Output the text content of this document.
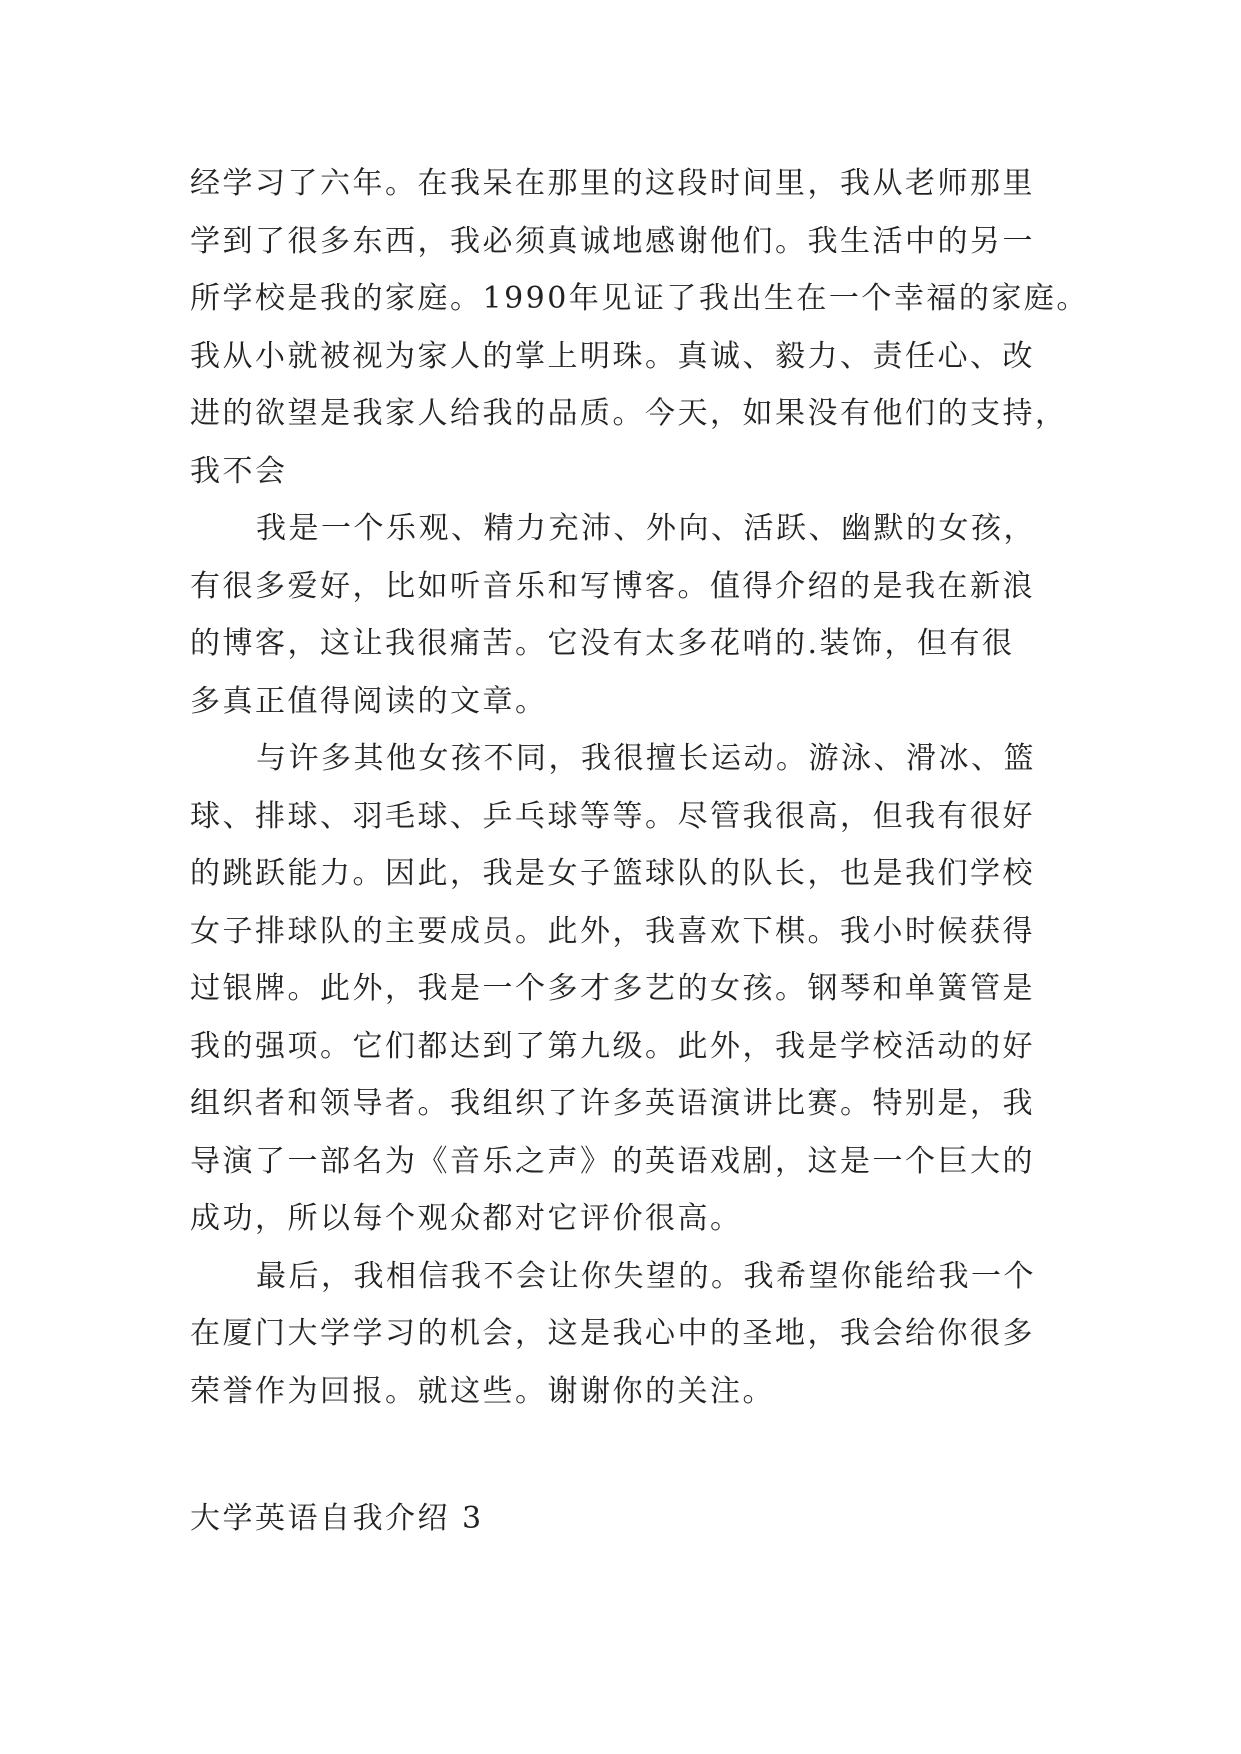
经学习了六年。在我呆在那里的这段时间里，我从老师那里
学到了很多东西，我必须真诚地感谢他们。我生活中的另一
所学校是我的家庭。1990年见证了我出生在一个幸福的家庭。
我从小就被视为家人的掌上明珠。真诚、毅力、责任心、改
进的欲望是我家人给我的品质。今天，如果没有他们的支持，
我不会

我是一个乐观、精力充沛、外向、活跃、幽默的女孩，
有很多爱好，比如听音乐和写博客。值得介绍的是我在新浪
的博客，这让我很痛苦。它没有太多花哨的.装饰，但有很
多真正值得阅读的文章。

与许多其他女孩不同，我很擅长运动。游泳、滑冰、篮
球、排球、羽毛球、乒乓球等等。尽管我很高，但我有很好
的跳跃能力。因此，我是女子篮球队的队长，也是我们学校
女子排球队的主要成员。此外，我喜欢下棋。我小时候获得
过银牌。此外，我是一个多才多艺的女孩。钢琴和单簧管是
我的强项。它们都达到了第九级。此外，我是学校活动的好
组织者和领导者。我组织了许多英语演讲比赛。特别是，我
导演了一部名为《音乐之声》的英语戏剧，这是一个巨大的
成功，所以每个观众都对它评价很高。

最后，我相信我不会让你失望的。我希望你能给我一个
在厦门大学学习的机会，这是我心中的圣地，我会给你很多
荣誉作为回报。就这些。谢谢你的关注。

大学英语自我介绍 3
